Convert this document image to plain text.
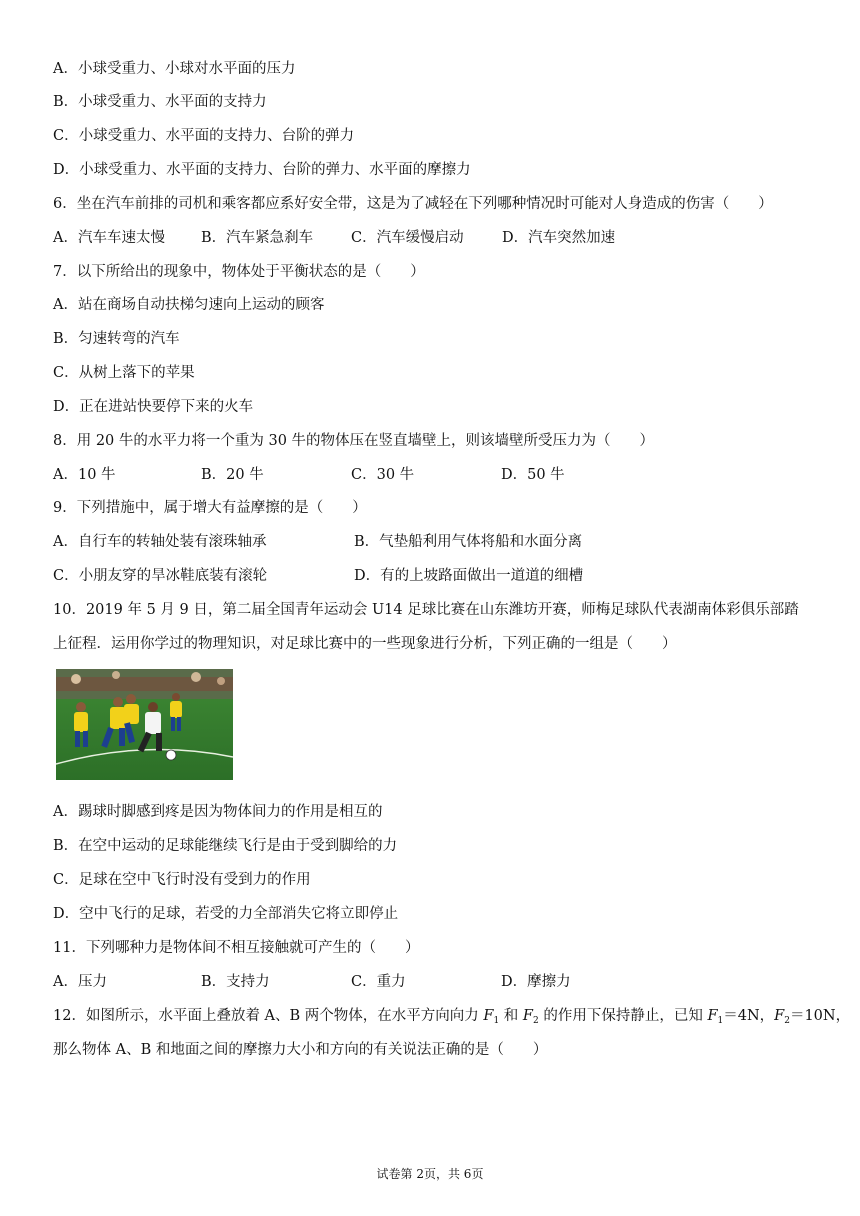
A．小球受重力、小球对水平面的压力
B．小球受重力、水平面的支持力
C．小球受重力、水平面的支持力、台阶的弹力
D．小球受重力、水平面的支持力、台阶的弹力、水平面的摩擦力
6．坐在汽车前排的司机和乘客都应系好安全带，这是为了减轻在下列哪种情况时可能对人身造成的伤害（　　）
A．汽车车速太慢 B．汽车紧急刹车	C．汽车缓慢启动	D．汽车突然加速
7．以下所给出的现象中，物体处于平衡状态的是（　　）
A．站在商场自动扶梯匀速向上运动的顾客
B．匀速转弯的汽车
C．从树上落下的苹果
D．正在进站快要停下来的火车
8．用 20 牛的水平力将一个重为 30 牛的物体压在竖直墙壁上，则该墙壁所受压力为（　　）
A．10 牛	B．20 牛	C．30 牛	D．50 牛
9．下列措施中，属于增大有益摩擦的是（　　）
A．自行车的转轴处装有滚珠轴承	B．气垫船利用气体将船和水面分离
C．小朋友穿的旱冰鞋底装有滚轮	D．有的上坡路面做出一道道的细槽
10．2019 年 5 月 9 日，第二届全国青年运动会 U14 足球比赛在山东潍坊开赛，师梅足球队代表湖南体彩俱乐部踏
上征程．运用你学过的物理知识，对足球比赛中的一些现象进行分析，下列正确的一组是（　　）
A．踢球时脚感到疼是因为物体间力的作用是相互的
B．在空中运动的足球能继续飞行是由于受到脚给的力
C．足球在空中飞行时没有受到力的作用
D．空中飞行的足球，若受的力全部消失它将立即停止
11．下列哪种力是物体间不相互接触就可产生的（　　）
A．压力	B．支持力	C．重力	D．摩擦力
12．如图所示，水平面上叠放着 A、B 两个物体，在水平方向向力 $F_1$ 和 $F_2$ 的作用下保持静止，已知 $F_1=4N$，$F_2=10N$，
那么物体 A、B 和地面之间的摩擦力大小和方向的有关说法正确的是（　　）
试卷第 2页，共 6页
